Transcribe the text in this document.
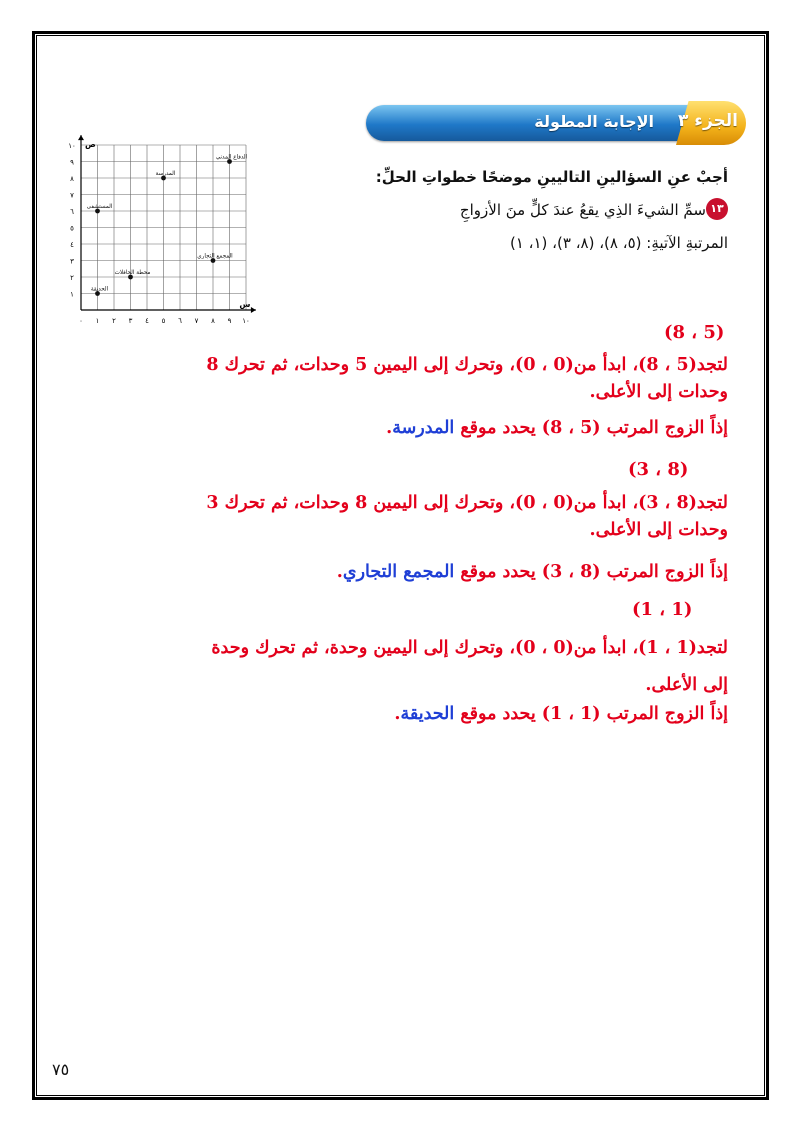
الجزء ٣
الإجابة المطولة
أجبْ عنِ السؤالينِ التاليينِ موضحًا خطواتِ الحلِّ:
١٣
سمِّ الشيءَ الذِي يقعُ عندَ كلٍّ منَ الأزواجِ
المرتبةِ الآتيةِ: (٥، ٨)، (٨، ٣)، (١، ١)
١٠
٩
٨
٧
٦
٥
٤
٣
٢
١
٠ ١ ٢ ٣ ٤ ٥ ٦ ٧ ٨ ٩ ١٠
ص
س
الدفاع المدني
المدرسة
المستشفى
المجمع التجاري
محطة الحافلات
الحديقة
(8 ، 5)
لتجد(5 ، 8)، ابدأ من(0 ، 0)، وتحرك إلى اليمين 5 وحدات، ثم تحرك 8
وحدات إلى الأعلى.
إذاً الزوج المرتب (5 ، 8) يحدد موقع المدرسة.
(3 ، 8)
لتجد(8 ، 3)، ابدأ من(0 ، 0)، وتحرك إلى اليمين 8 وحدات، ثم تحرك 3
وحدات إلى الأعلى.
إذاً الزوج المرتب (8 ، 3) يحدد موقع المجمع التجاري.
(1 ، 1)
لتجد(1 ، 1)، ابدأ من(0 ، 0)، وتحرك إلى اليمين وحدة، ثم تحرك وحدة
إلى الأعلى.
إذاً الزوج المرتب (1 ، 1) يحدد موقع الحديقة.
٧٥
